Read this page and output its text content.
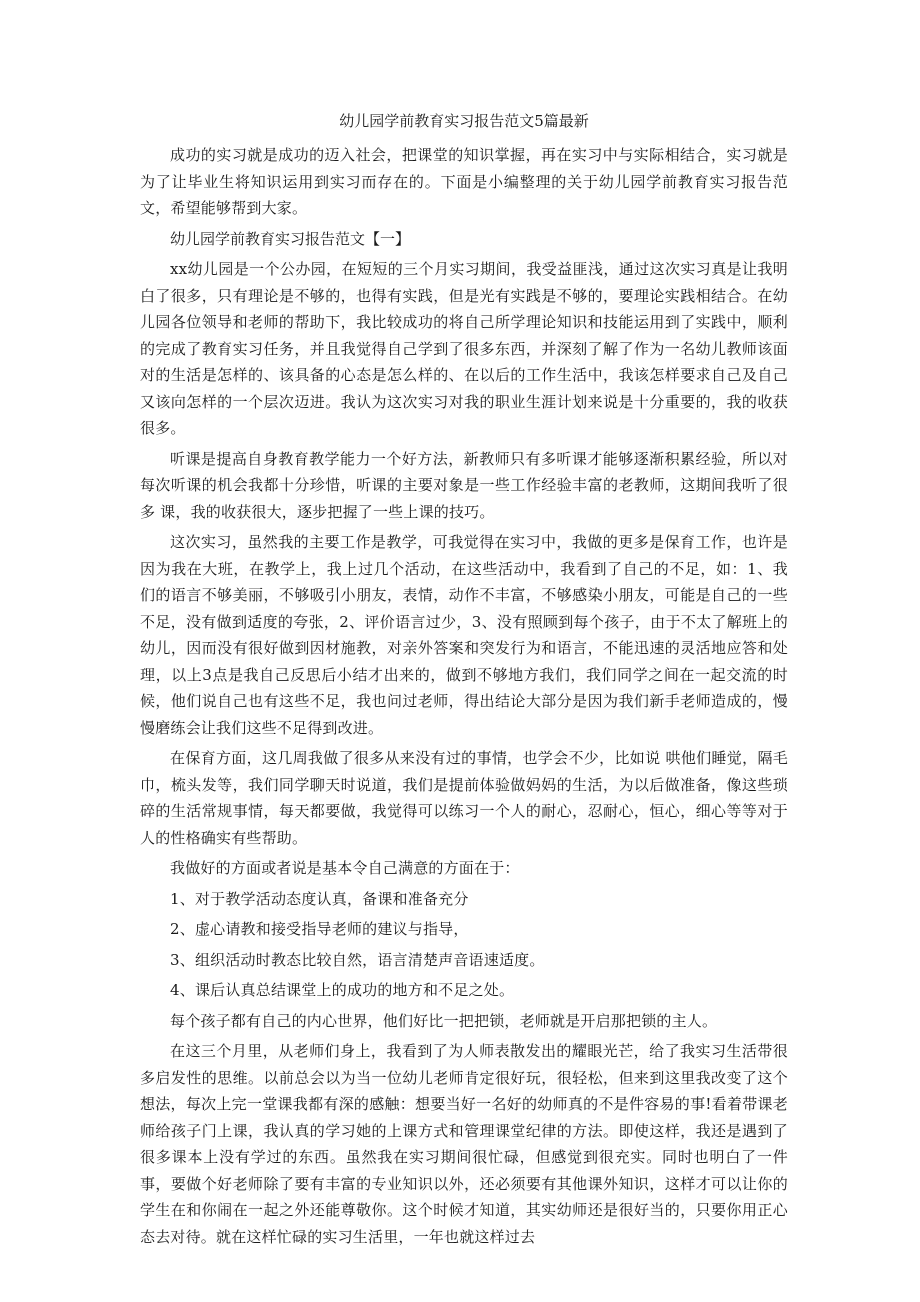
幼儿园学前教育实习报告范文5篇最新

成功的实习就是成功的迈入社会，把课堂的知识掌握，再在实习中与实际相结合，实习就是为了让毕业生将知识运用到实习而存在的。下面是小编整理的关于幼儿园学前教育实习报告范文，希望能够帮到大家。

幼儿园学前教育实习报告范文【一】

xx幼儿园是一个公办园，在短短的三个月实习期间，我受益匪浅，通过这次实习真是让我明白了很多，只有理论是不够的，也得有实践，但是光有实践是不够的，要理论实践相结合。在幼儿园各位领导和老师的帮助下，我比较成功的将自己所学理论知识和技能运用到了实践中，顺利的完成了教育实习任务，并且我觉得自己学到了很多东西，并深刻了解了作为一名幼儿教师该面对的生活是怎样的、该具备的心态是怎么样的、在以后的工作生活中，我该怎样要求自己及自己又该向怎样的一个层次迈进。我认为这次实习对我的职业生涯计划来说是十分重要的，我的收获很多。

听课是提高自身教育教学能力一个好方法，新教师只有多听课才能够逐渐积累经验，所以对每次听课的机会我都十分珍惜，听课的主要对象是一些工作经验丰富的老教师，这期间我听了很多 课，我的收获很大，逐步把握了一些上课的技巧。

这次实习，虽然我的主要工作是教学，可我觉得在实习中，我做的更多是保育工作，也许是因为我在大班，在教学上，我上过几个活动，在这些活动中，我看到了自己的不足，如：1、我们的语言不够美丽，不够吸引小朋友，表情，动作不丰富，不够感染小朋友，可能是自己的一些不足，没有做到适度的夸张，2、评价语言过少，3、没有照顾到每个孩子，由于不太了解班上的幼儿，因而没有很好做到因材施教，对亲外答案和突发行为和语言，不能迅速的灵活地应答和处理，以上3点是我自己反思后小结才出来的，做到不够地方我们，我们同学之间在一起交流的时候，他们说自己也有这些不足，我也问过老师，得出结论大部分是因为我们新手老师造成的，慢慢磨练会让我们这些不足得到改进。

在保育方面，这几周我做了很多从来没有过的事情，也学会不少，比如说 哄他们睡觉，隔毛巾，梳头发等，我们同学聊天时说道，我们是提前体验做妈妈的生活，为以后做准备，像这些琐碎的生活常规事情，每天都要做，我觉得可以练习一个人的耐心，忍耐心，恒心，细心等等对于人的性格确实有些帮助。

我做好的方面或者说是基本令自己满意的方面在于：

1、对于教学活动态度认真，备课和准备充分

2、虚心请教和接受指导老师的建议与指导，

3、组织活动时教态比较自然，语言清楚声音语速适度。

4、课后认真总结课堂上的成功的地方和不足之处。

每个孩子都有自己的内心世界，他们好比一把把锁，老师就是开启那把锁的主人。

在这三个月里，从老师们身上，我看到了为人师表散发出的耀眼光芒，给了我实习生活带很多启发性的思维。以前总会以为当一位幼儿老师肯定很好玩，很轻松，但来到这里我改变了这个想法，每次上完一堂课我都有深的感触：想要当好一名好的幼师真的不是件容易的事!看着带课老师给孩子门上课，我认真的学习她的上课方式和管理课堂纪律的方法。即使这样，我还是遇到了很多课本上没有学过的东西。虽然我在实习期间很忙碌，但感觉到很充实。同时也明白了一件事，要做个好老师除了要有丰富的专业知识以外，还必须要有其他课外知识，这样才可以让你的学生在和你闹在一起之外还能尊敬你。这个时候才知道，其实幼师还是很好当的，只要你用正心态去对待。就在这样忙碌的实习生活里，一年也就这样过去
